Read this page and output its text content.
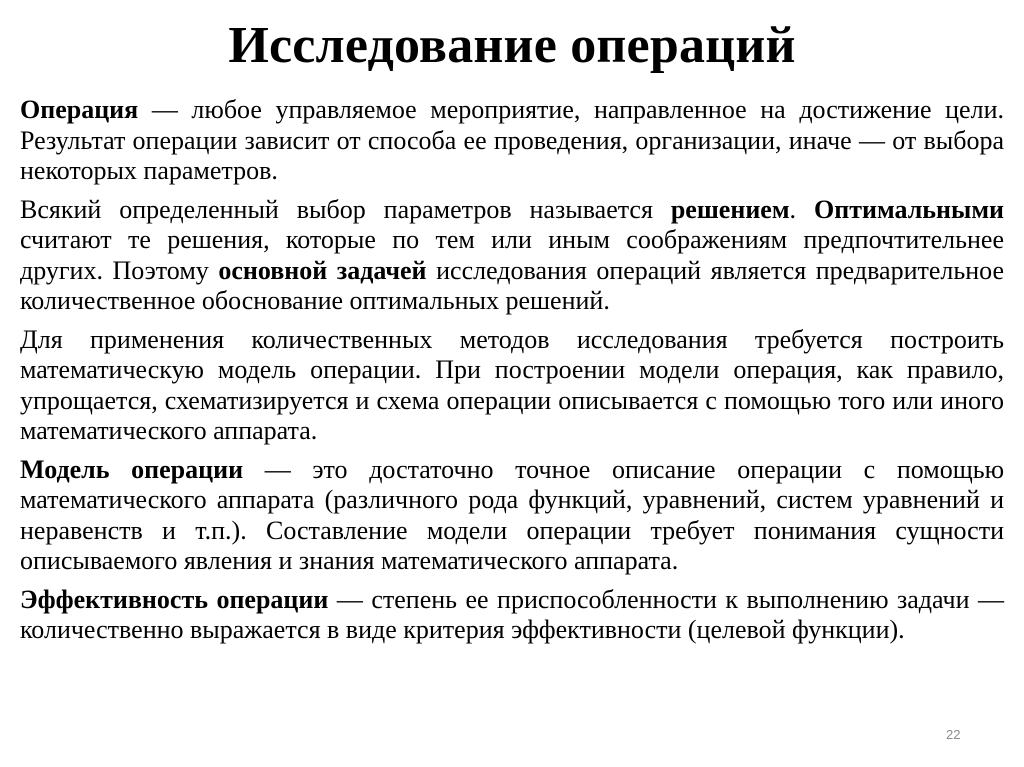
Исследование операций

Операция — любое управляемое мероприятие, направленное на достижение цели. Результат операции зависит от способа ее проведения, организации, иначе — от выбора некоторых параметров.

Всякий определенный выбор параметров называется решением. Оптимальными считают те решения, которые по тем или иным соображениям предпочтительнее других. Поэтому основной задачей исследования операций является предварительное количественное обоснование оптимальных решений.

Для применения количественных методов исследования требуется построить математическую модель операции. При построении модели операция, как правило, упрощается, схематизируется и схема операции описывается с помощью того или иного математического аппарата.

Модель операции — это достаточно точное описание операции с помощью математического аппарата (различного рода функций, уравнений, систем уравнений и неравенств и т.п.). Составление модели операции требует понимания сущности описываемого явления и знания математического аппарата.

Эффективность операции — степень ее приспособленности к выполнению задачи — количественно выражается в виде критерия эффективности (целевой функции).

22
